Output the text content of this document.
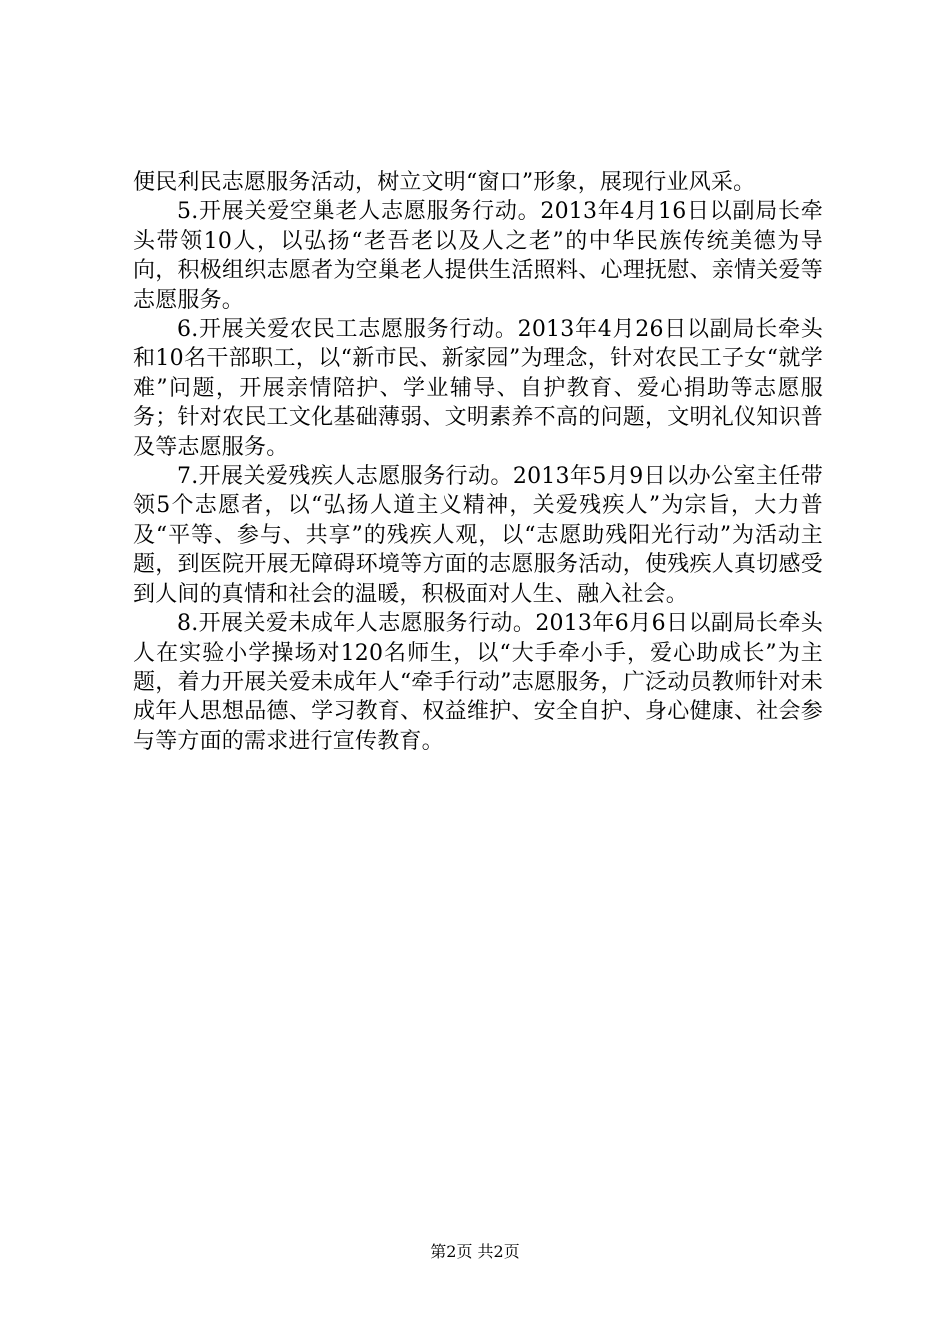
便民利民志愿服务活动，树立文明“窗口”形象，展现行业风采。

5.开展关爱空巢老人志愿服务行动。2013年4月16日以副局长牵头带领10人，以弘扬“老吾老以及人之老”的中华民族传统美德为导向，积极组织志愿者为空巢老人提供生活照料、心理抚慰、亲情关爱等志愿服务。

6.开展关爱农民工志愿服务行动。2013年4月26日以副局长牵头和10名干部职工，以“新市民、新家园”为理念，针对农民工子女“就学难”问题，开展亲情陪护、学业辅导、自护教育、爱心捐助等志愿服务；针对农民工文化基础薄弱、文明素养不高的问题，文明礼仪知识普及等志愿服务。

7.开展关爱残疾人志愿服务行动。2013年5月9日以办公室主任带领5个志愿者，以“弘扬人道主义精神，关爱残疾人”为宗旨，大力普及“平等、参与、共享”的残疾人观，以“志愿助残阳光行动”为活动主题，到医院开展无障碍环境等方面的志愿服务活动，使残疾人真切感受到人间的真情和社会的温暖，积极面对人生、融入社会。

8.开展关爱未成年人志愿服务行动。2013年6月6日以副局长牵头人在实验小学操场对120名师生，以“大手牵小手，爱心助成长”为主题，着力开展关爱未成年人“牵手行动”志愿服务，广泛动员教师针对未成年人思想品德、学习教育、权益维护、安全自护、身心健康、社会参与等方面的需求进行宣传教育。

第2页 共2页
